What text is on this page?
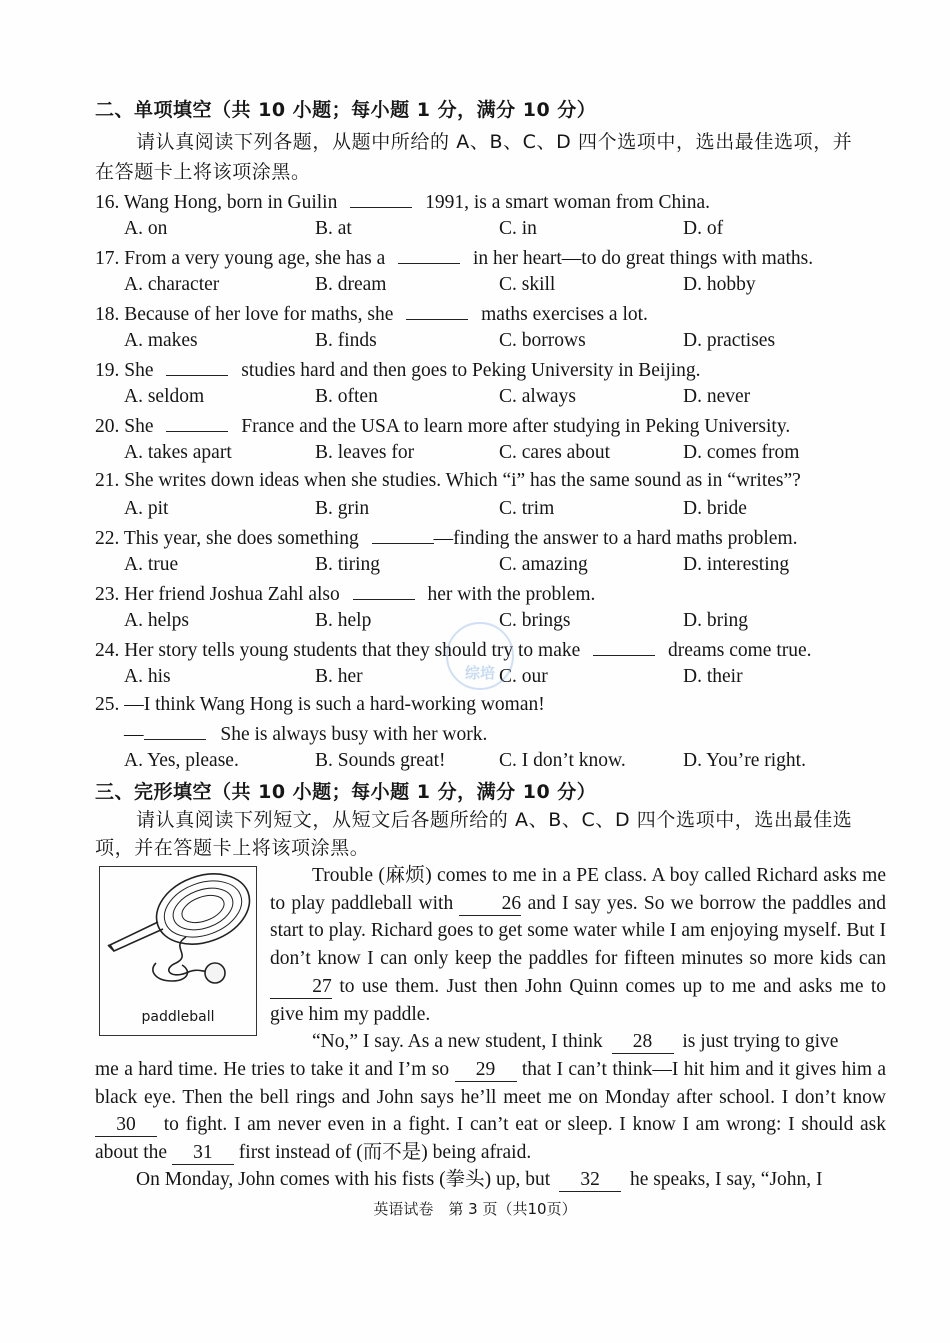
二、单项填空（共 10 小题；每小题 1 分，满分 10 分）
请认真阅读下列各题，从题中所给的 A、B、C、D 四个选项中，选出最佳选项，并
在答题卡上将该项涂黑。
16. Wang Hong, born in Guilin	1991, is a smart woman from China.
A. on	B. at	C. in	D. of
17. From a very young age, she has a	in her heart—to do great things with maths.
A. character	B. dream	C. skill	D. hobby
18. Because of her love for maths, she	maths exercises a lot.
A. makes	B. finds	C. borrows	D. practises
19. She	studies hard and then goes to Peking University in Beijing.
A. seldom	B. often	C. always	D. never
20. She	France and the USA to learn more after studying in Peking University.
A. takes apart	B. leaves for	C. cares about	D. comes from
21. She writes down ideas when she studies. Which “i” has the same sound as in “writes”?
A. pit	B. grin	C. trim	D. bride
22. This year, she does something	—finding the answer to a hard maths problem.
A. true	B. tiring	C. amazing	D. interesting
23. Her friend Joshua Zahl also	her with the problem.
A. helps	B. help	C. brings	D. bring
24. Her story tells young students that they should try to make	dreams come true.
A. his	B. her	C. our	D. their
25. —I think Wang Hong is such a hard-working woman!
—	She is always busy with her work.
A. Yes, please.	B. Sounds great!	C. I don’t know.	D. You’re right.
综培
三、完形填空（共 10 小题；每小题 1 分，满分 10 分）
请认真阅读下列短文，从短文后各题所给的 A、B、C、D 四个选项中，选出最佳选
项，并在答题卡上将该项涂黑。
paddleball

Trouble (麻烦) comes to me in a PE class. A boy called Richard asks me to play paddleball with 26 and I say yes. So we borrow the paddles and start to play. Richard goes to get some water while I am enjoying myself. But I don’t know I can only keep the paddles for fifteen minutes so more kids can 27 to use them. Just then John Quinn comes up to me and asks me to give him my paddle.

“No,” I say. As a new student, I think 28 is just trying to give

me a hard time. He tries to take it and I’m so 29 that I can’t think—I hit him and it gives him a black eye. Then the bell rings and John says he’ll meet me on Monday after school. I don’t know 30 to fight. I am never even in a fight. I can’t eat or sleep. I know I am wrong: I should ask about the 31 first instead of (而不是) being afraid.

On Monday, John comes with his fists (拳头) up, but 32 he speaks, I say, “John, I
英语试卷　第 3 页（共10页）
